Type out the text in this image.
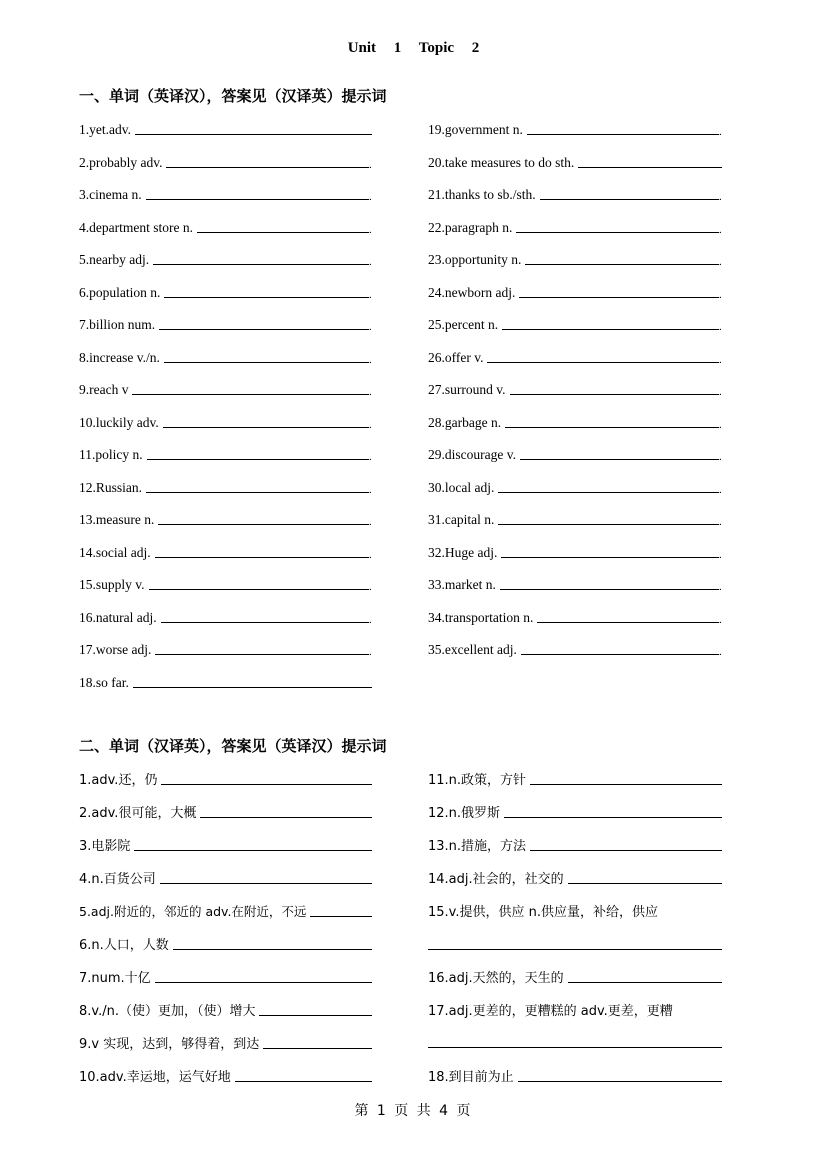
Unit 1 Topic 2
一、单词（英译汉），答案见（汉译英）提示词
1.yet.adv.
2.probably adv.	.
3.cinema n.	.
4.department store n.	.
5.nearby adj.	.
6.population n.	.
7.billion num.	.
8.increase v./n.	.
9.reach v	.
10.luckily adv.	.
11.policy n.	.
12.Russian.	.
13.measure n.	.
14.social adj.	.
15.supply v.	.
16.natural adj.	.
17.worse adj.	.
18.so far.
19.government n.	.
20.take measures to do sth.
21.thanks to sb./sth.	.
22.paragraph n.	.
23.opportunity n.	.
24.newborn adj.	.
25.percent n.	.
26.offer v.	.
27.surround v.	.
28.garbage n.	.
29.discourage v.	.
30.local adj.	.
31.capital n.	.
32.Huge adj.	.
33.market n.	.
34.transportation n.	.
35.excellent adj.	.
二、单词（汉译英），答案见（英译汉）提示词
1.adv.还，仍
2.adv.很可能，大概
3.电影院
4.n.百货公司
5.adj.附近的，邻近的 adv.在附近，不远
6.n.人口，人数
7.num.十亿
8.v./n.（使）更加，（使）增大
9.v 实现，达到，够得着，到达
10.adv.幸运地，运气好地
11.n.政策，方针
12.n.俄罗斯
13.n.措施，方法
14.adj.社会的，社交的
15.v.提供，供应 n.供应量，补给，供应
16.adj.天然的，天生的
17.adj.更差的，更糟糕的 adv.更差，更糟
18.到目前为止
第 1 页 共 4 页
